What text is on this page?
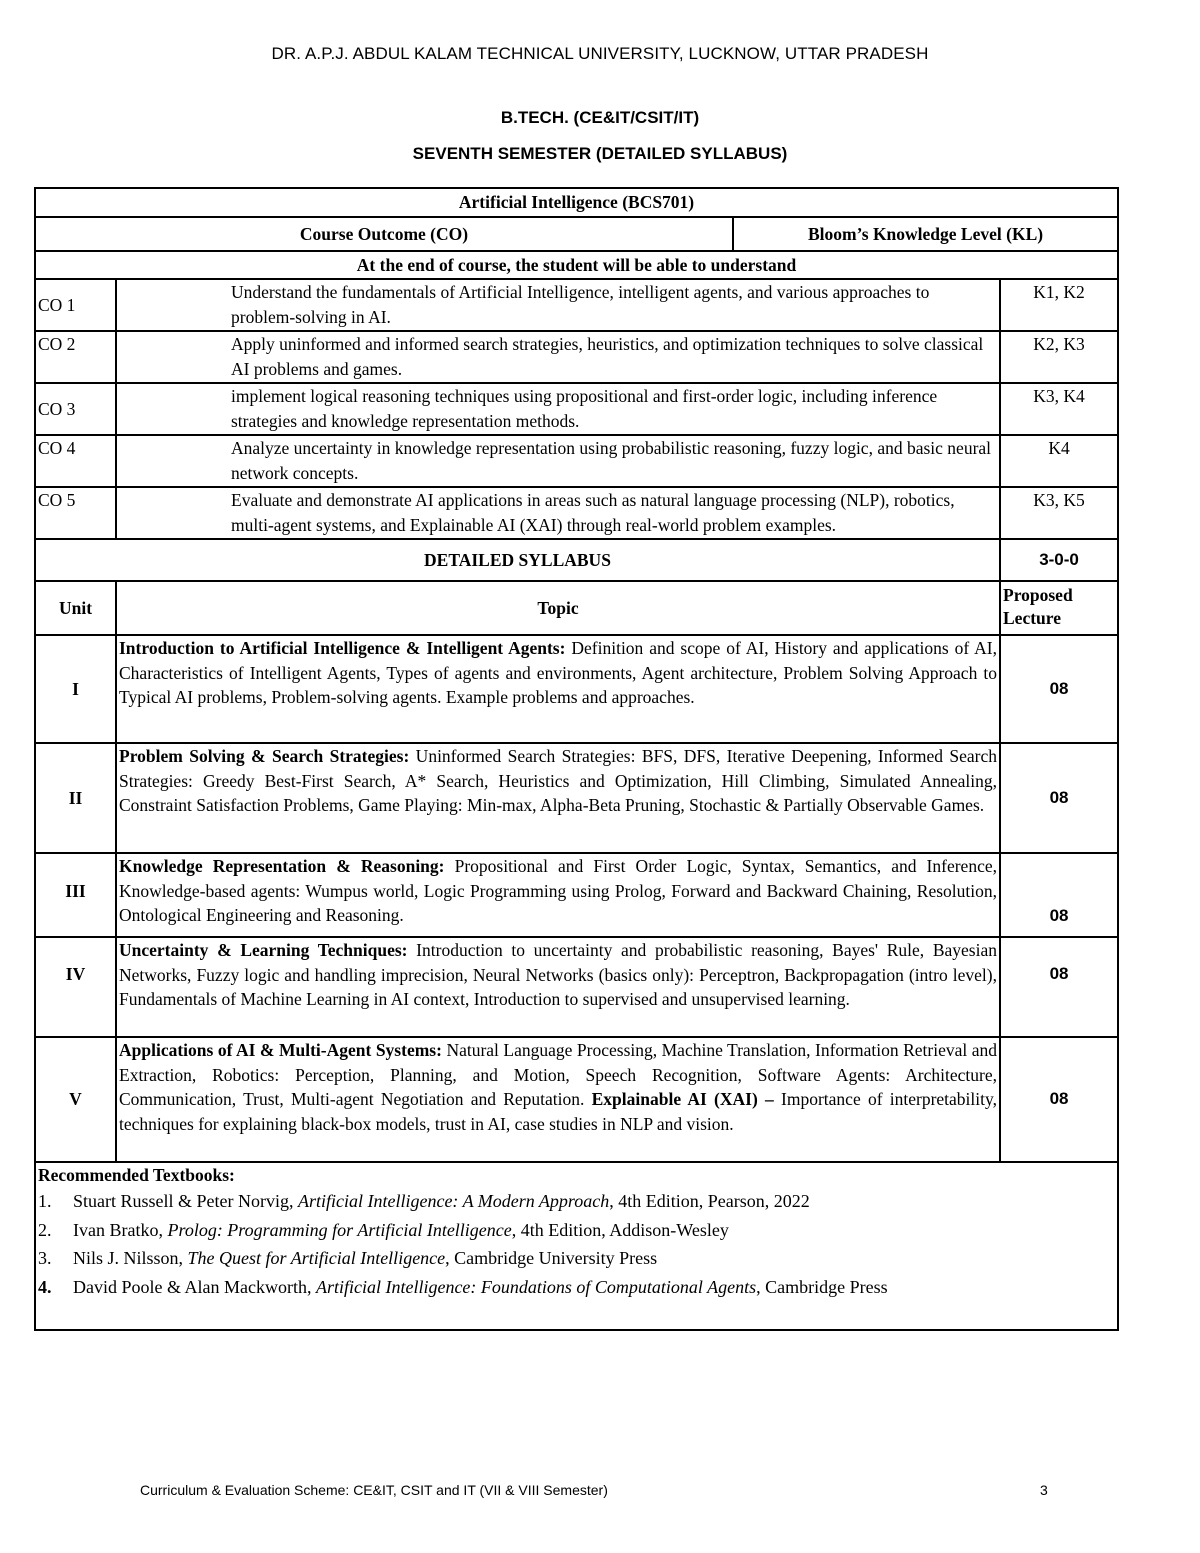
DR. A.P.J. ABDUL KALAM TECHNICAL UNIVERSITY, LUCKNOW, UTTAR PRADESH
B.TECH. (CE&IT/CSIT/IT)
SEVENTH SEMESTER (DETAILED SYLLABUS)
Artificial Intelligence (BCS701)			
Course Outcome (CO)		Bloom’s Knowledge Level (KL)	
At the end of course, the student will be able to understand			
CO 1	Understand the fundamentals of Artificial Intelligence, intelligent agents, and various approaches to problem-solving in AI.		K1, K2
CO 2	Apply uninformed and informed search strategies, heuristics, and optimization techniques to solve classical AI problems and games.		K2, K3
CO 3	implement logical reasoning techniques using propositional and first-order logic, including inference strategies and knowledge representation methods.		K3, K4
CO 4	Analyze uncertainty in knowledge representation using probabilistic reasoning, fuzzy logic, and basic neural network concepts.		K4
CO 5	Evaluate and demonstrate AI applications in areas such as natural language processing (NLP), robotics, multi-agent systems, and Explainable AI (XAI) through real-world problem examples.		K3, K5
DETAILED SYLLABUS			3-0-0
Unit	Topic		Proposed Lecture
I	Introduction to Artificial Intelligence & Intelligent Agents: Definition and scope of AI, History and applications of AI, Characteristics of Intelligent Agents, Types of agents and environments, Agent architecture, Problem Solving Approach to Typical AI problems, Problem-solving agents. Example problems and approaches.		08
II	Problem Solving & Search Strategies: Uninformed Search Strategies: BFS, DFS, Iterative Deepening, Informed Search Strategies: Greedy Best-First Search, A* Search, Heuristics and Optimization, Hill Climbing, Simulated Annealing, Constraint Satisfaction Problems, Game Playing: Min-max, Alpha-Beta Pruning, Stochastic & Partially Observable Games.		08
III	Knowledge Representation & Reasoning: Propositional and First Order Logic, Syntax, Semantics, and Inference, Knowledge-based agents: Wumpus world, Logic Programming using Prolog, Forward and Backward Chaining, Resolution, Ontological Engineering and Reasoning.		08
IV	Uncertainty & Learning Techniques: Introduction to uncertainty and probabilistic reasoning, Bayes' Rule, Bayesian Networks, Fuzzy logic and handling imprecision, Neural Networks (basics only): Perceptron, Backpropagation (intro level), Fundamentals of Machine Learning in AI context, Introduction to supervised and unsupervised learning.		08
V	Applications of AI & Multi-Agent Systems: Natural Language Processing, Machine Translation, Information Retrieval and Extraction, Robotics: Perception, Planning, and Motion, Speech Recognition, Software Agents: Architecture, Communication, Trust, Multi-agent Negotiation and Reputation. Explainable AI (XAI) – Importance of interpretability, techniques for explaining black-box models, trust in AI, case studies in NLP and vision.		08

Recommended Textbooks:
1. Stuart Russell & Peter Norvig, Artificial Intelligence: A Modern Approach, 4th Edition, Pearson, 2022
2. Ivan Bratko, Prolog: Programming for Artificial Intelligence, 4th Edition, Addison-Wesley
3. Nils J. Nilsson, The Quest for Artificial Intelligence, Cambridge University Press
4. David Poole & Alan Mackworth, Artificial Intelligence: Foundations of Computational Agents, Cambridge Press			
Curriculum & Evaluation Scheme: CE&IT, CSIT and IT (VII & VIII Semester)	3
